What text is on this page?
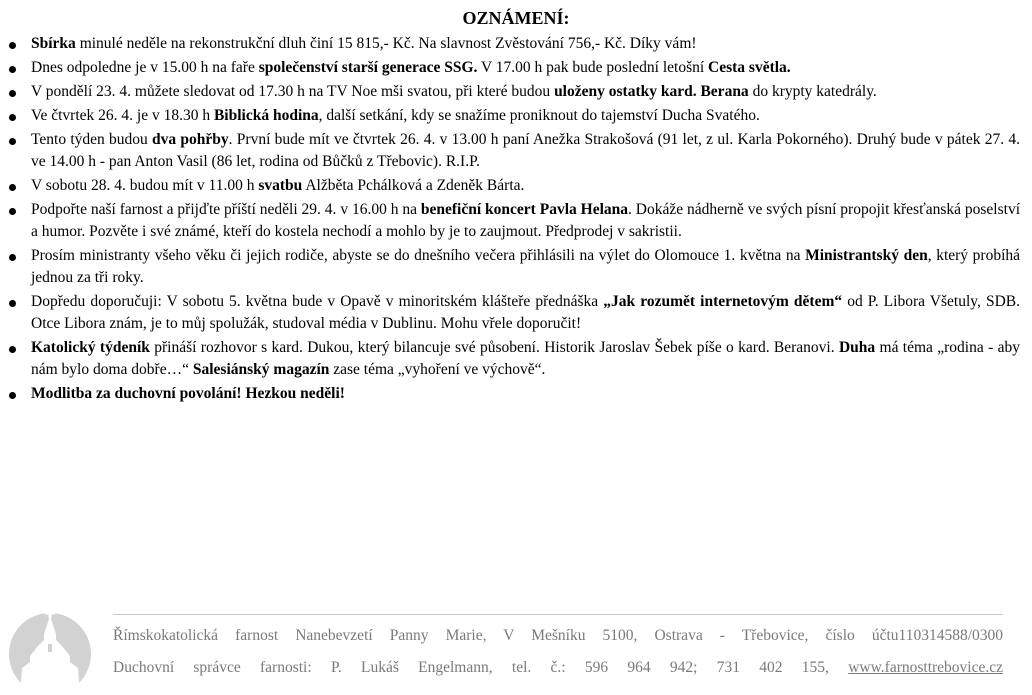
OZNÁMENÍ:
Sbírka minulé neděle na rekonstrukční dluh činí 15 815,- Kč. Na slavnost Zvěstování 756,- Kč. Díky vám!
Dnes odpoledne je v 15.00 h na faře společenství starší generace SSG. V 17.00 h pak bude poslední letošní Cesta světla.
V pondělí 23. 4. můžete sledovat od 17.30 h na TV Noe mši svatou, při které budou uloženy ostatky kard. Berana do krypty katedrály.
Ve čtvrtek 26. 4. je v 18.30 h Biblická hodina, další setkání, kdy se snažíme proniknout do tajemství Ducha Svatého.
Tento týden budou dva pohřby. První bude mít ve čtvrtek 26. 4. v 13.00 h paní Anežka Strakošová (91 let, z ul. Karla Pokorného). Druhý bude v pátek 27. 4. ve 14.00 h - pan Anton Vasil (86 let, rodina od Bůčků z Třebovic). R.I.P.
V sobotu 28. 4. budou mít v 11.00 h svatbu Alžběta Pchálková a Zdeněk Bárta.
Podpořte naší farnost a přijďte příští neděli 29. 4. v 16.00 h na benefiční koncert Pavla Helana. Dokáže nádherně ve svých písní propojit křesťanská poselství a humor. Pozvěte i své známé, kteří do kostela nechodí a mohlo by je to zaujmout. Předprodej v sakristii.
Prosím ministranty všeho věku či jejich rodiče, abyste se do dnešního večera přihlásili na výlet do Olomouce 1. května na Ministrantský den, který probíhá jednou za tři roky.
Dopředu doporučuji: V sobotu 5. května bude v Opavě v minoritském klášteře přednáška „Jak rozumět internetovým dětem“ od P. Libora Všetuly, SDB. Otce Libora znám, je to můj spolužák, studoval média v Dublinu. Mohu vřele doporučit!
Katolický týdeník přináší rozhovor s kard. Dukou, který bilancuje své působení. Historik Jaroslav Šebek píše o kard. Beranovi. Duha má téma „rodina - aby nám bylo doma dobře…“ Salesiánský magazín zase téma „vyhoření ve výchově“.
Modlitba za duchovní povolání! Hezkou neděli!
Římskokatolická farnost Nanebevzetí Panny Marie, V Mešníku 5100, Ostrava - Třebovice, číslo účtu110314588/0300
Duchovní správce farnosti: P. Lukáš Engelmann, tel. č.: 596 964 942; 731 402 155, www.farnosttrebovice.cz
